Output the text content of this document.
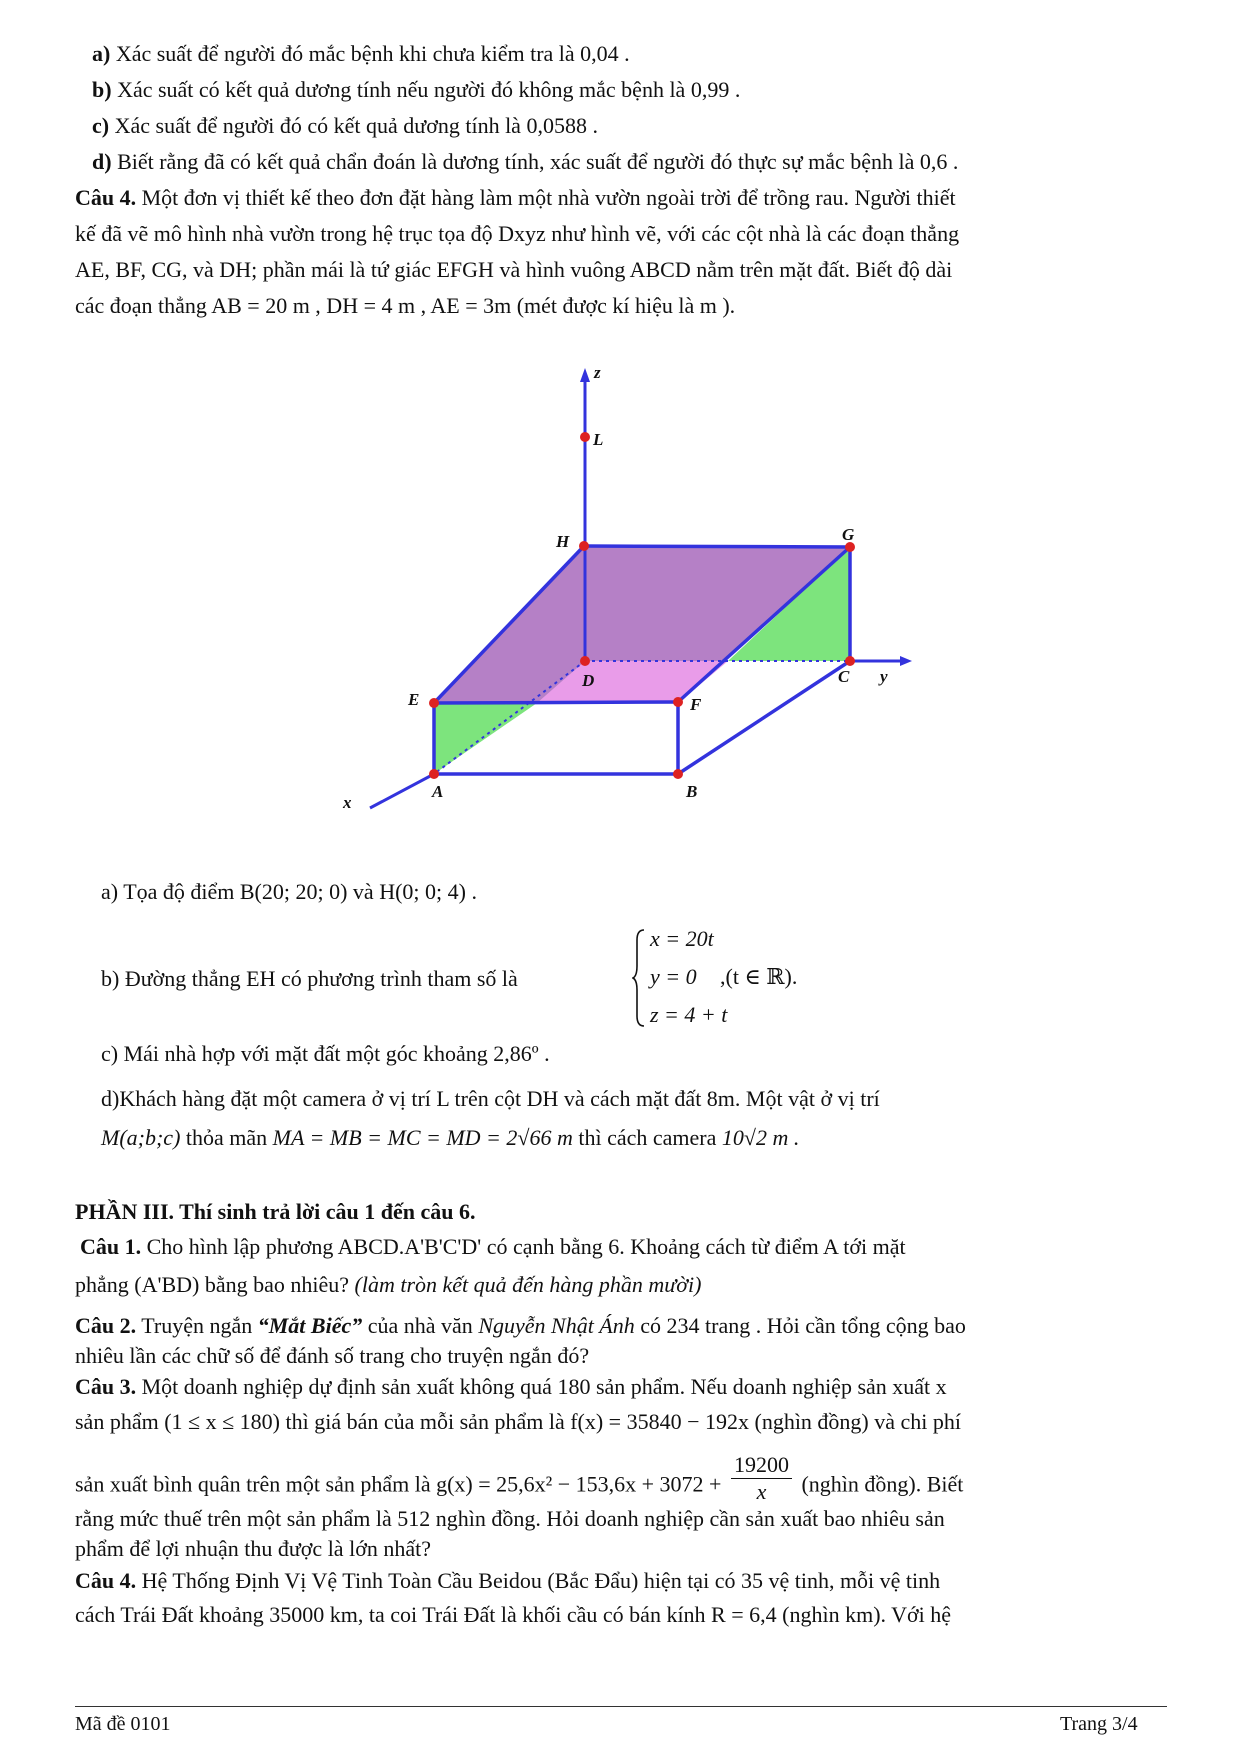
a) Xác suất để người đó mắc bệnh khi chưa kiểm tra là 0,04 .
b) Xác suất có kết quả dương tính nếu người đó không mắc bệnh là 0,99 .
c) Xác suất để người đó có kết quả dương tính là 0,0588 .
d) Biết rằng đã có kết quả chẩn đoán là dương tính, xác suất để người đó thực sự mắc bệnh là 0,6 .
Câu 4. Một đơn vị thiết kế theo đơn đặt hàng làm một nhà vườn ngoài trời để trồng rau. Người thiết
kế đã vẽ mô hình nhà vườn trong hệ trục tọa độ Dxyz như hình vẽ, với các cột nhà là các đoạn thẳng
AE, BF, CG, và DH; phần mái là tứ giác EFGH và hình vuông ABCD nằm trên mặt đất. Biết độ dài
các đoạn thẳng AB = 20 m , DH = 4 m , AE = 3m (mét được kí hiệu là m ).
z
L
H	G
D	C y
E	F
A	B
x
a) Tọa độ điểm B(20; 20; 0) và H(0; 0; 4) .
b) Đường thẳng EH có phương trình tham số là
x = 20t
y = 0
z = 4 + t
,(t ∈ ℝ).
c) Mái nhà hợp với mặt đất một góc khoảng 2,86º .
d)Khách hàng đặt một camera ở vị trí L trên cột DH và cách mặt đất 8m. Một vật ở vị trí
M(a;b;c) thỏa mãn MA = MB = MC = MD = 2√66 m thì cách camera 10√2 m .
PHẦN III. Thí sinh trả lời câu 1 đến câu 6.
Câu 1. Cho hình lập phương ABCD.A'B'C'D' có cạnh bằng 6. Khoảng cách từ điểm A tới mặt
phẳng (A'BD) bằng bao nhiêu? (làm tròn kết quả đến hàng phần mười)
Câu 2. Truyện ngắn “Mắt Biếc” của nhà văn Nguyễn Nhật Ánh có 234 trang . Hỏi cần tổng cộng bao
nhiêu lần các chữ số để đánh số trang cho truyện ngắn đó?
Câu 3. Một doanh nghiệp dự định sản xuất không quá 180 sản phẩm. Nếu doanh nghiệp sản xuất x
sản phẩm (1 ≤ x ≤ 180) thì giá bán của mỗi sản phẩm là f(x) = 35840 − 192x (nghìn đồng) và chi phí
sản xuất bình quân trên một sản phẩm là $g(x) = 25,6x^2 - 153,6x + 3072 + \frac{19200}{x}$ (nghìn đồng). Biết
rằng mức thuế trên một sản phẩm là 512 nghìn đồng. Hỏi doanh nghiệp cần sản xuất bao nhiêu sản
phẩm để lợi nhuận thu được là lớn nhất?
Câu 4. Hệ Thống Định Vị Vệ Tinh Toàn Cầu Beidou (Bắc Đẩu) hiện tại có 35 vệ tinh, mỗi vệ tinh
cách Trái Đất khoảng 35000 km, ta coi Trái Đất là khối cầu có bán kính R = 6,4 (nghìn km). Với hệ
Mã đề 0101	Trang 3/4
